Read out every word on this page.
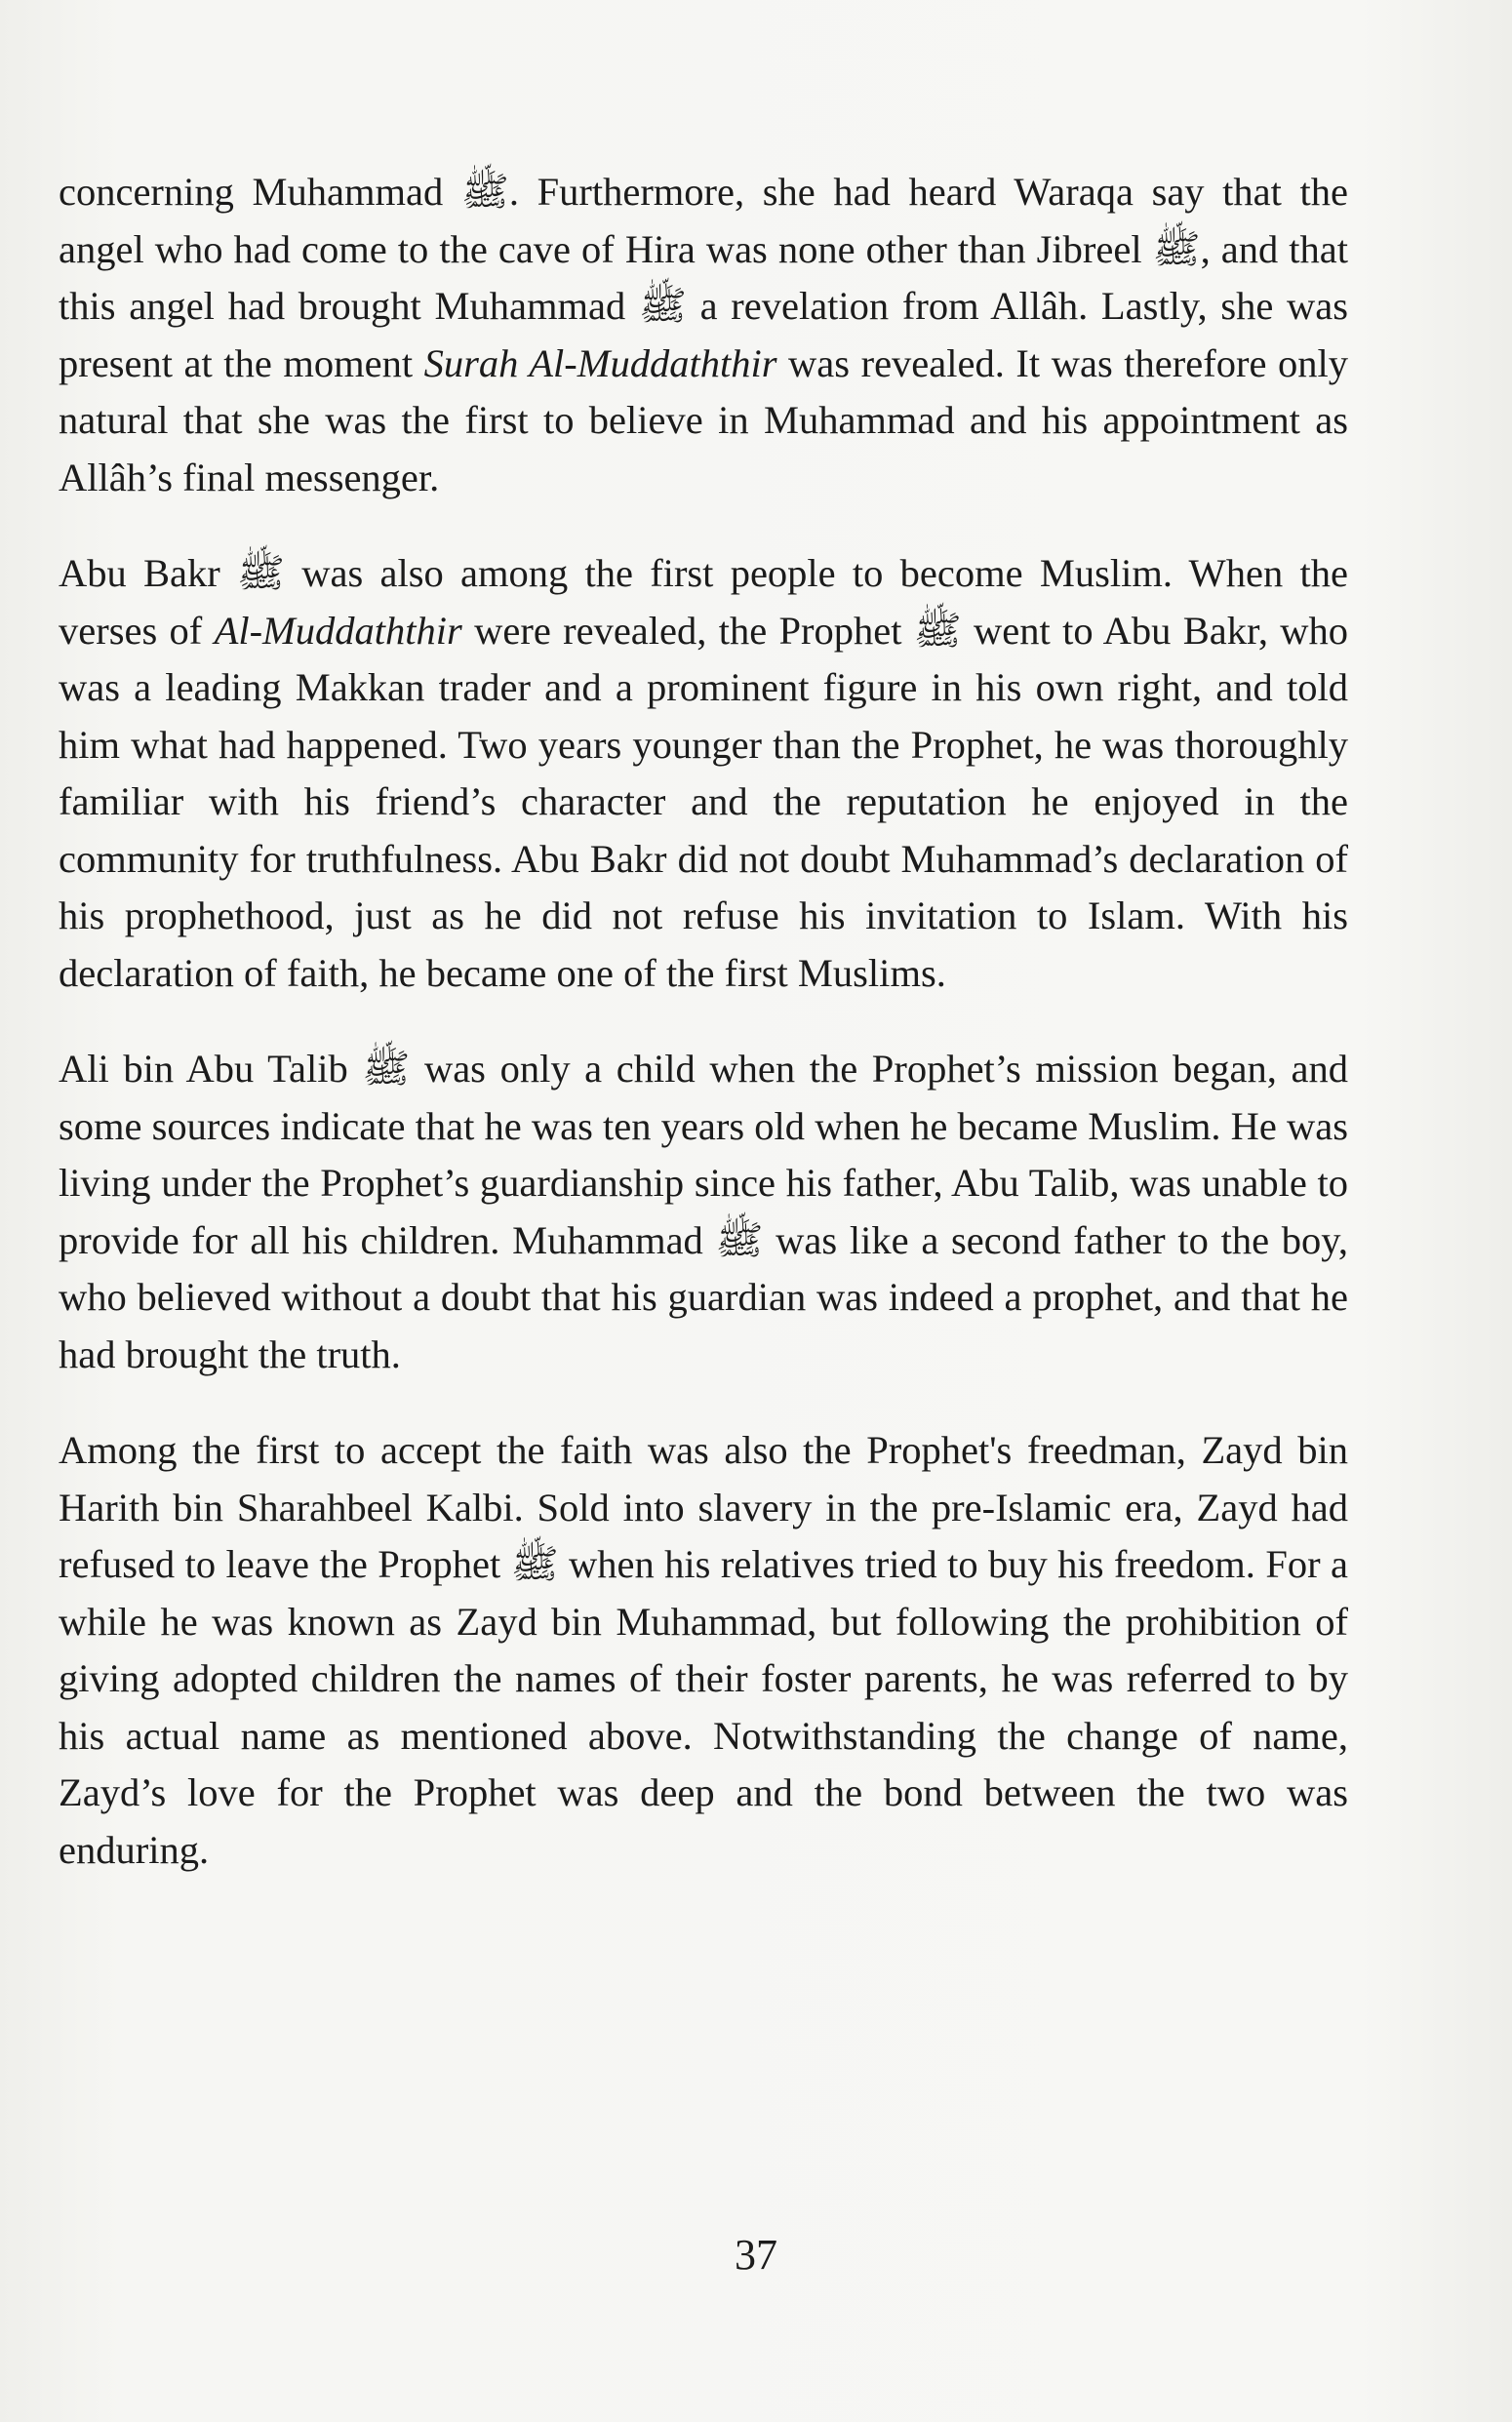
concerning Muhammad ﷺ. Furthermore, she had heard Waraqa say that the angel who had come to the cave of Hira was none other than Jibreel ﷺ, and that this angel had brought Muhammad ﷺ a revelation from Allâh. Lastly, she was present at the moment Surah Al-Muddaththir was revealed. It was therefore only natural that she was the first to believe in Muhammad and his appointment as Allâh’s final messenger.

Abu Bakr ﷺ was also among the first people to become Muslim. When the verses of Al-Muddaththir were revealed, the Prophet ﷺ went to Abu Bakr, who was a leading Makkan trader and a prominent figure in his own right, and told him what had happened. Two years younger than the Prophet, he was thoroughly familiar with his friend’s character and the reputation he enjoyed in the community for truthfulness. Abu Bakr did not doubt Muhammad’s declaration of his prophethood, just as he did not refuse his invitation to Islam. With his declaration of faith, he became one of the first Muslims.

Ali bin Abu Talib ﷺ was only a child when the Prophet’s mission began, and some sources indicate that he was ten years old when he became Muslim. He was living under the Prophet’s guardianship since his father, Abu Talib, was unable to provide for all his children. Muhammad ﷺ was like a second father to the boy, who believed without a doubt that his guardian was indeed a prophet, and that he had brought the truth.

Among the first to accept the faith was also the Prophet's freedman, Zayd bin Harith bin Sharahbeel Kalbi. Sold into slavery in the pre-Islamic era, Zayd had refused to leave the Prophet ﷺ when his relatives tried to buy his freedom. For a while he was known as Zayd bin Muhammad, but following the prohibition of giving adopted children the names of their foster parents, he was referred to by his actual name as mentioned above. Notwithstanding the change of name, Zayd’s love for the Prophet was deep and the bond between the two was enduring.

37
